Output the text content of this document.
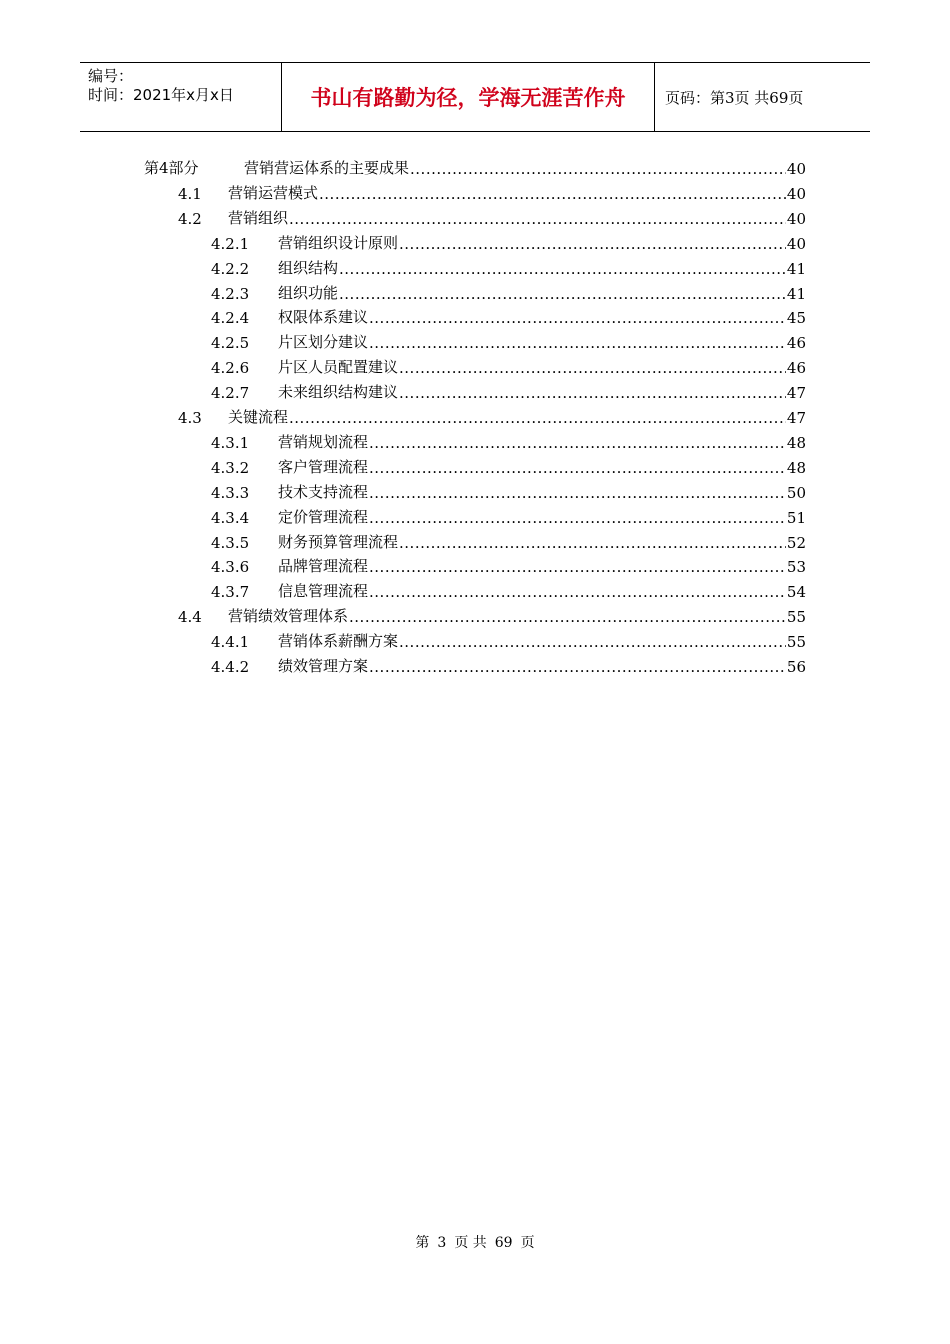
编号：
时间：2021年x月x日	书山有路勤为径，学海无涯苦作舟	页码：第3页 共69页
第4部分	营销营运体系的主要成果 .....	40
4.1	营销运营模式 .....	40
4.2	营销组织 .....	40
4.2.1	营销组织设计原则 .....	40
4.2.2	组织结构 .....	41
4.2.3	组织功能 .....	41
4.2.4	权限体系建议 .....	45
4.2.5	片区划分建议 .....	46
4.2.6	片区人员配置建议 .....	46
4.2.7	未来组织结构建议 .....	47
4.3	关键流程 .....	47
4.3.1	营销规划流程 .....	48
4.3.2	客户管理流程 .....	48
4.3.3	技术支持流程 .....	50
4.3.4	定价管理流程 .....	51
4.3.5	财务预算管理流程 .....	52
4.3.6	品牌管理流程 .....	53
4.3.7	信息管理流程 .....	54
4.4	营销绩效管理体系 .....	55
4.4.1	营销体系薪酬方案 .....	55
4.4.2	绩效管理方案 .....	56
第 3 页 共 69 页
